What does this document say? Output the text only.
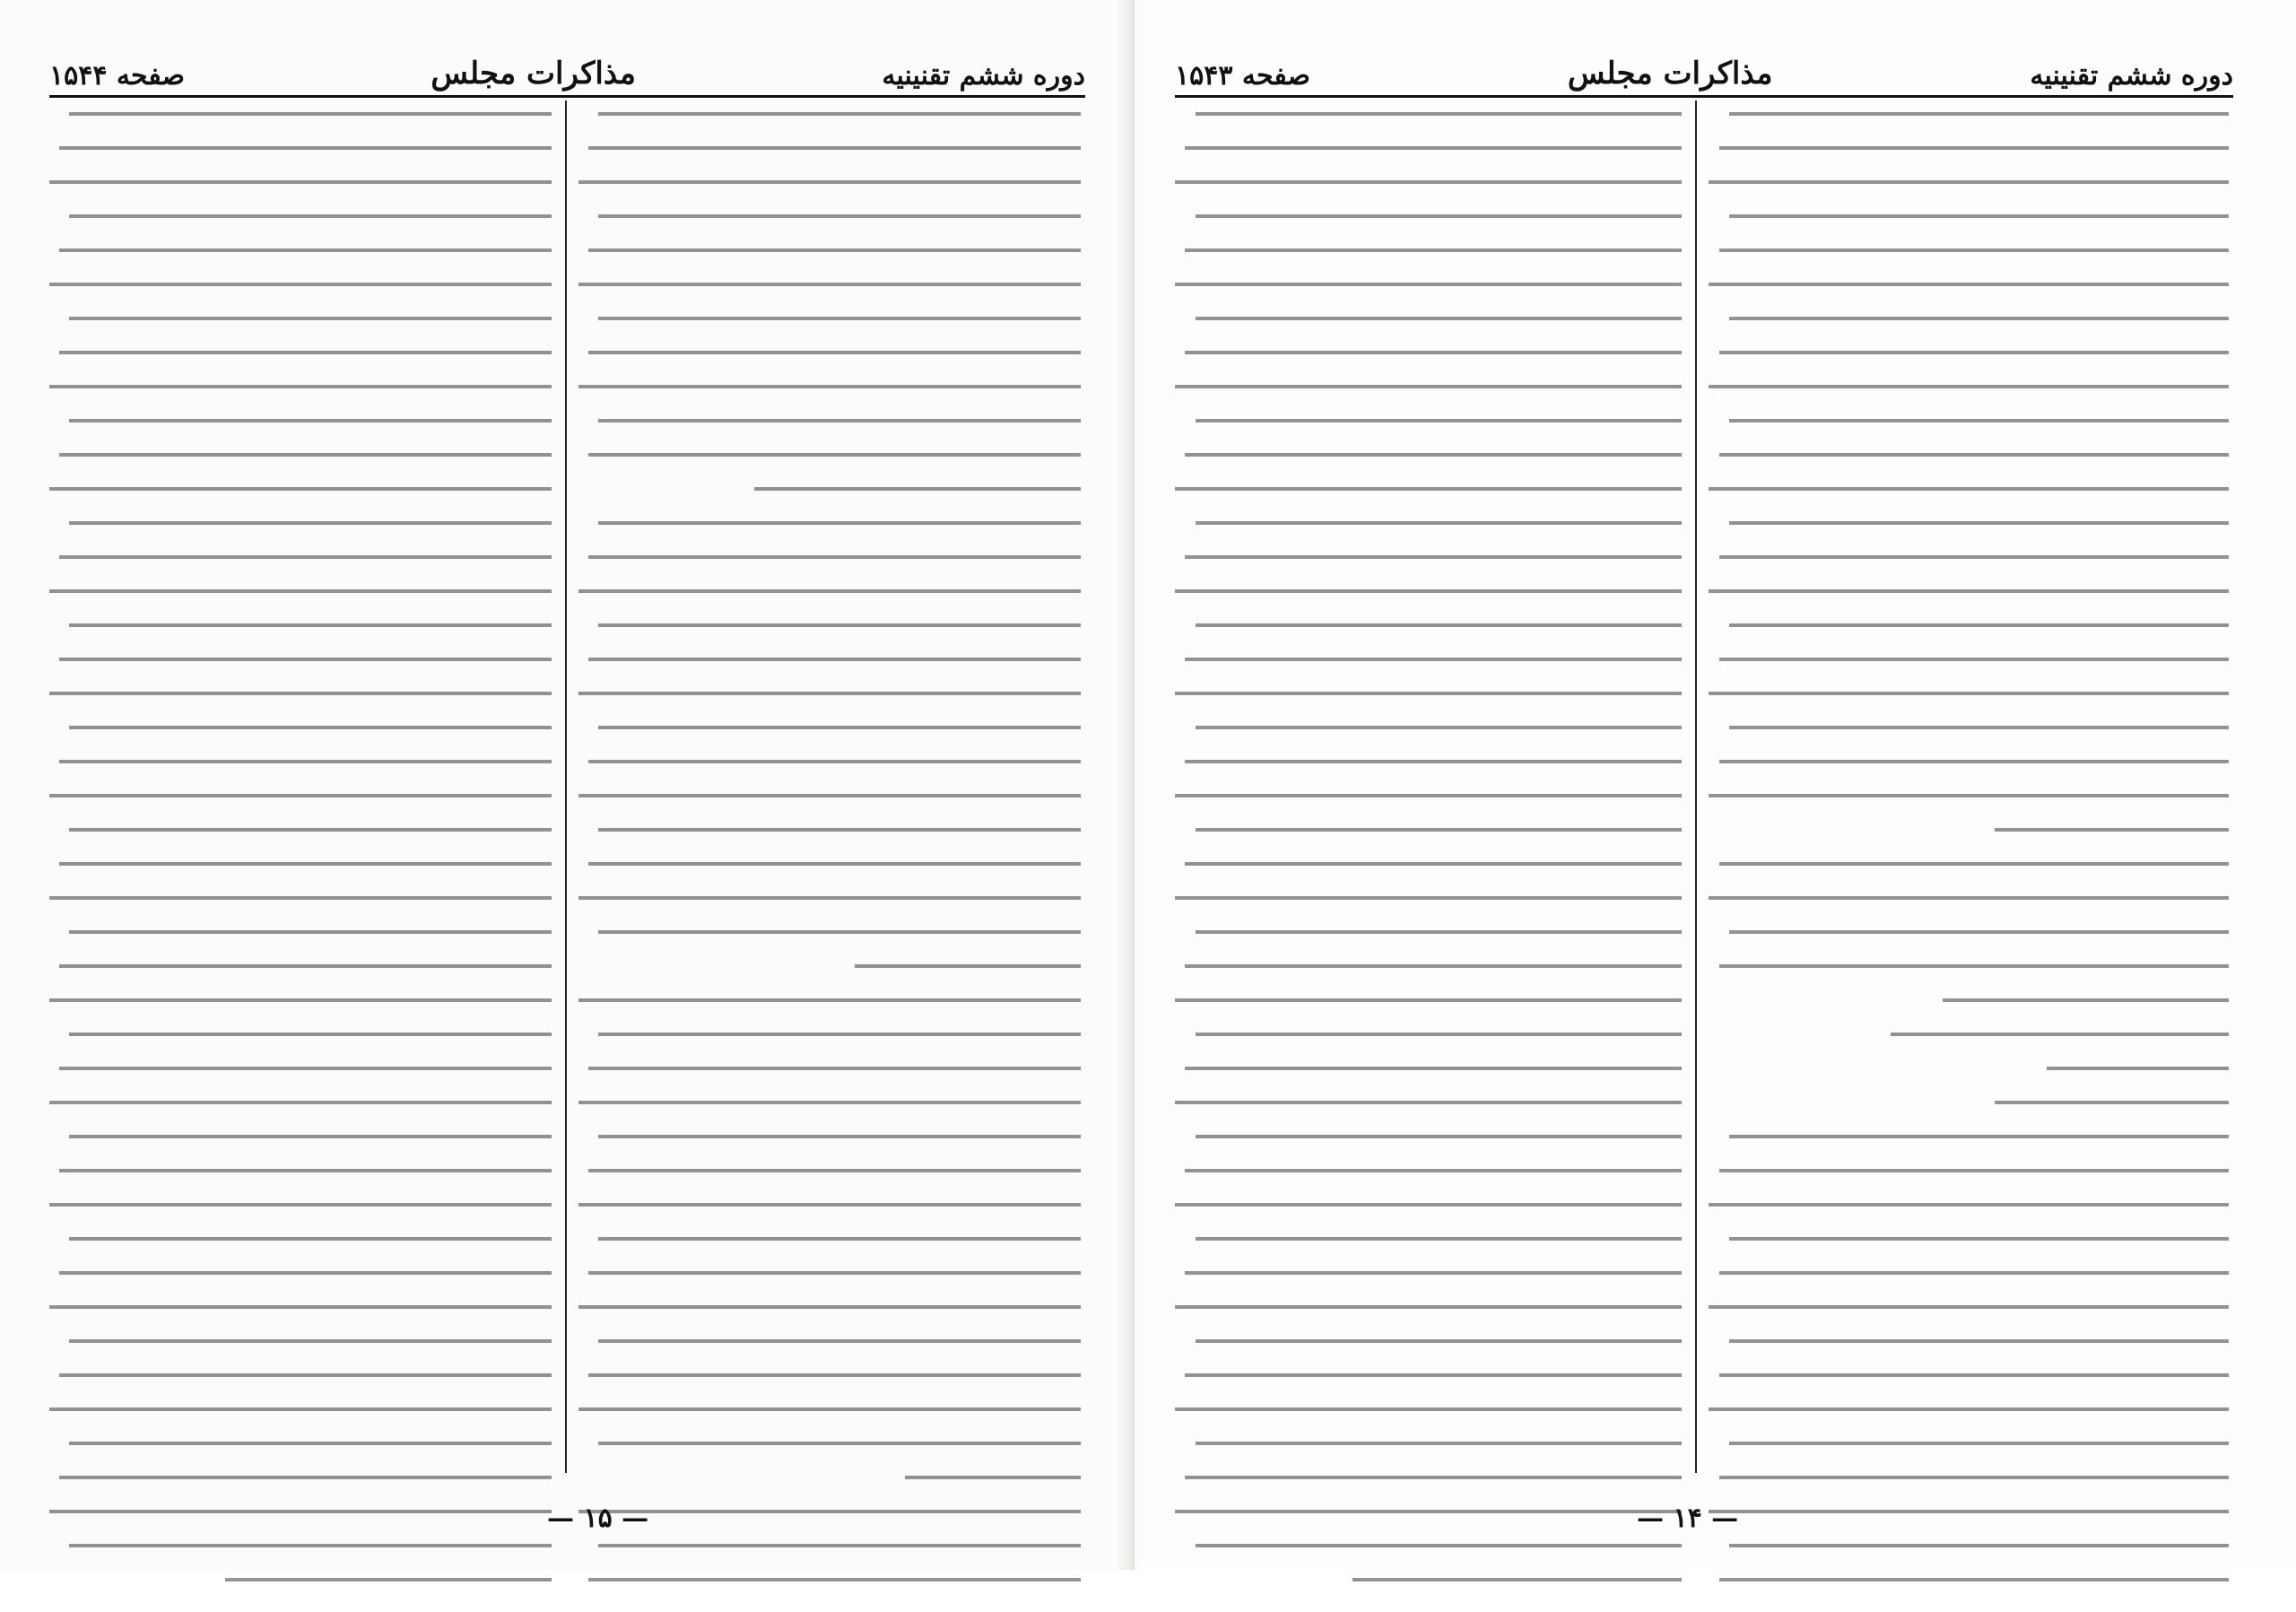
دوره ششم تقنينيه
مذاکرات مجلس
صفحه ۱۵۴۴
— ۱۵ —
دوره ششم تقنينيه
مذاکرات مجلس
صفحه ۱۵۴۳
— ۱۴ —
